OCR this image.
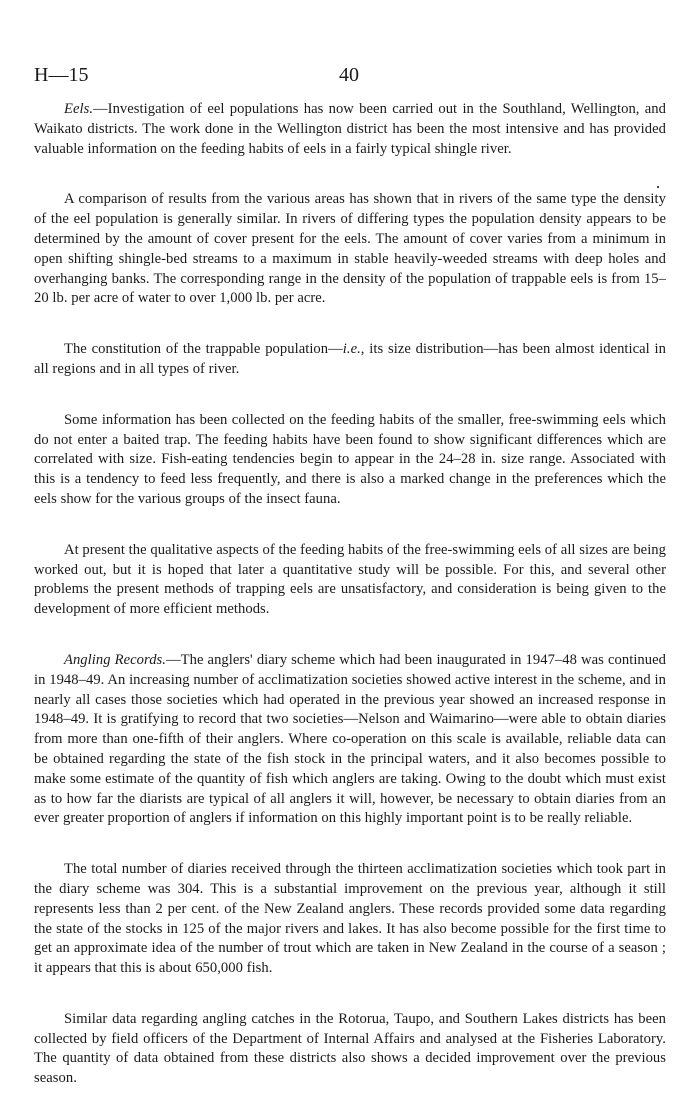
H—15	40

Eels.—Investigation of eel populations has now been carried out in the Southland, Wellington, and Waikato districts. The work done in the Wellington district has been the most intensive and has provided valuable information on the feeding habits of eels in a fairly typical shingle river.

A comparison of results from the various areas has shown that in rivers of the same type the density of the eel population is generally similar. In rivers of differing types the population density appears to be determined by the amount of cover present for the eels. The amount of cover varies from a minimum in open shifting shingle-bed streams to a maximum in stable heavily-weeded streams with deep holes and overhanging banks. The corresponding range in the density of the population of trappable eels is from 15–20 lb. per acre of water to over 1,000 lb. per acre.

The constitution of the trappable population—i.e., its size distribution—has been almost identical in all regions and in all types of river.

Some information has been collected on the feeding habits of the smaller, free-swimming eels which do not enter a baited trap. The feeding habits have been found to show significant differences which are correlated with size. Fish-eating tendencies begin to appear in the 24–28 in. size range. Associated with this is a tendency to feed less frequently, and there is also a marked change in the preferences which the eels show for the various groups of the insect fauna.

At present the qualitative aspects of the feeding habits of the free-swimming eels of all sizes are being worked out, but it is hoped that later a quantitative study will be possible. For this, and several other problems the present methods of trapping eels are unsatisfactory, and consideration is being given to the development of more efficient methods.

Angling Records.—The anglers' diary scheme which had been inaugurated in 1947–48 was continued in 1948–49. An increasing number of acclimatization societies showed active interest in the scheme, and in nearly all cases those societies which had operated in the previous year showed an increased response in 1948–49. It is gratifying to record that two societies—Nelson and Waimarino—were able to obtain diaries from more than one-fifth of their anglers. Where co-operation on this scale is available, reliable data can be obtained regarding the state of the fish stock in the principal waters, and it also becomes possible to make some estimate of the quantity of fish which anglers are taking. Owing to the doubt which must exist as to how far the diarists are typical of all anglers it will, however, be necessary to obtain diaries from an ever greater proportion of anglers if information on this highly important point is to be really reliable.

The total number of diaries received through the thirteen acclimatization societies which took part in the diary scheme was 304. This is a substantial improvement on the previous year, although it still represents less than 2 per cent. of the New Zealand anglers. These records provided some data regarding the state of the stocks in 125 of the major rivers and lakes. It has also become possible for the first time to get an approximate idea of the number of trout which are taken in New Zealand in the course of a season ; it appears that this is about 650,000 fish.

Similar data regarding angling catches in the Rotorua, Taupo, and Southern Lakes districts has been collected by field officers of the Department of Internal Affairs and analysed at the Fisheries Laboratory. The quantity of data obtained from these districts also shows a decided improvement over the previous season.
